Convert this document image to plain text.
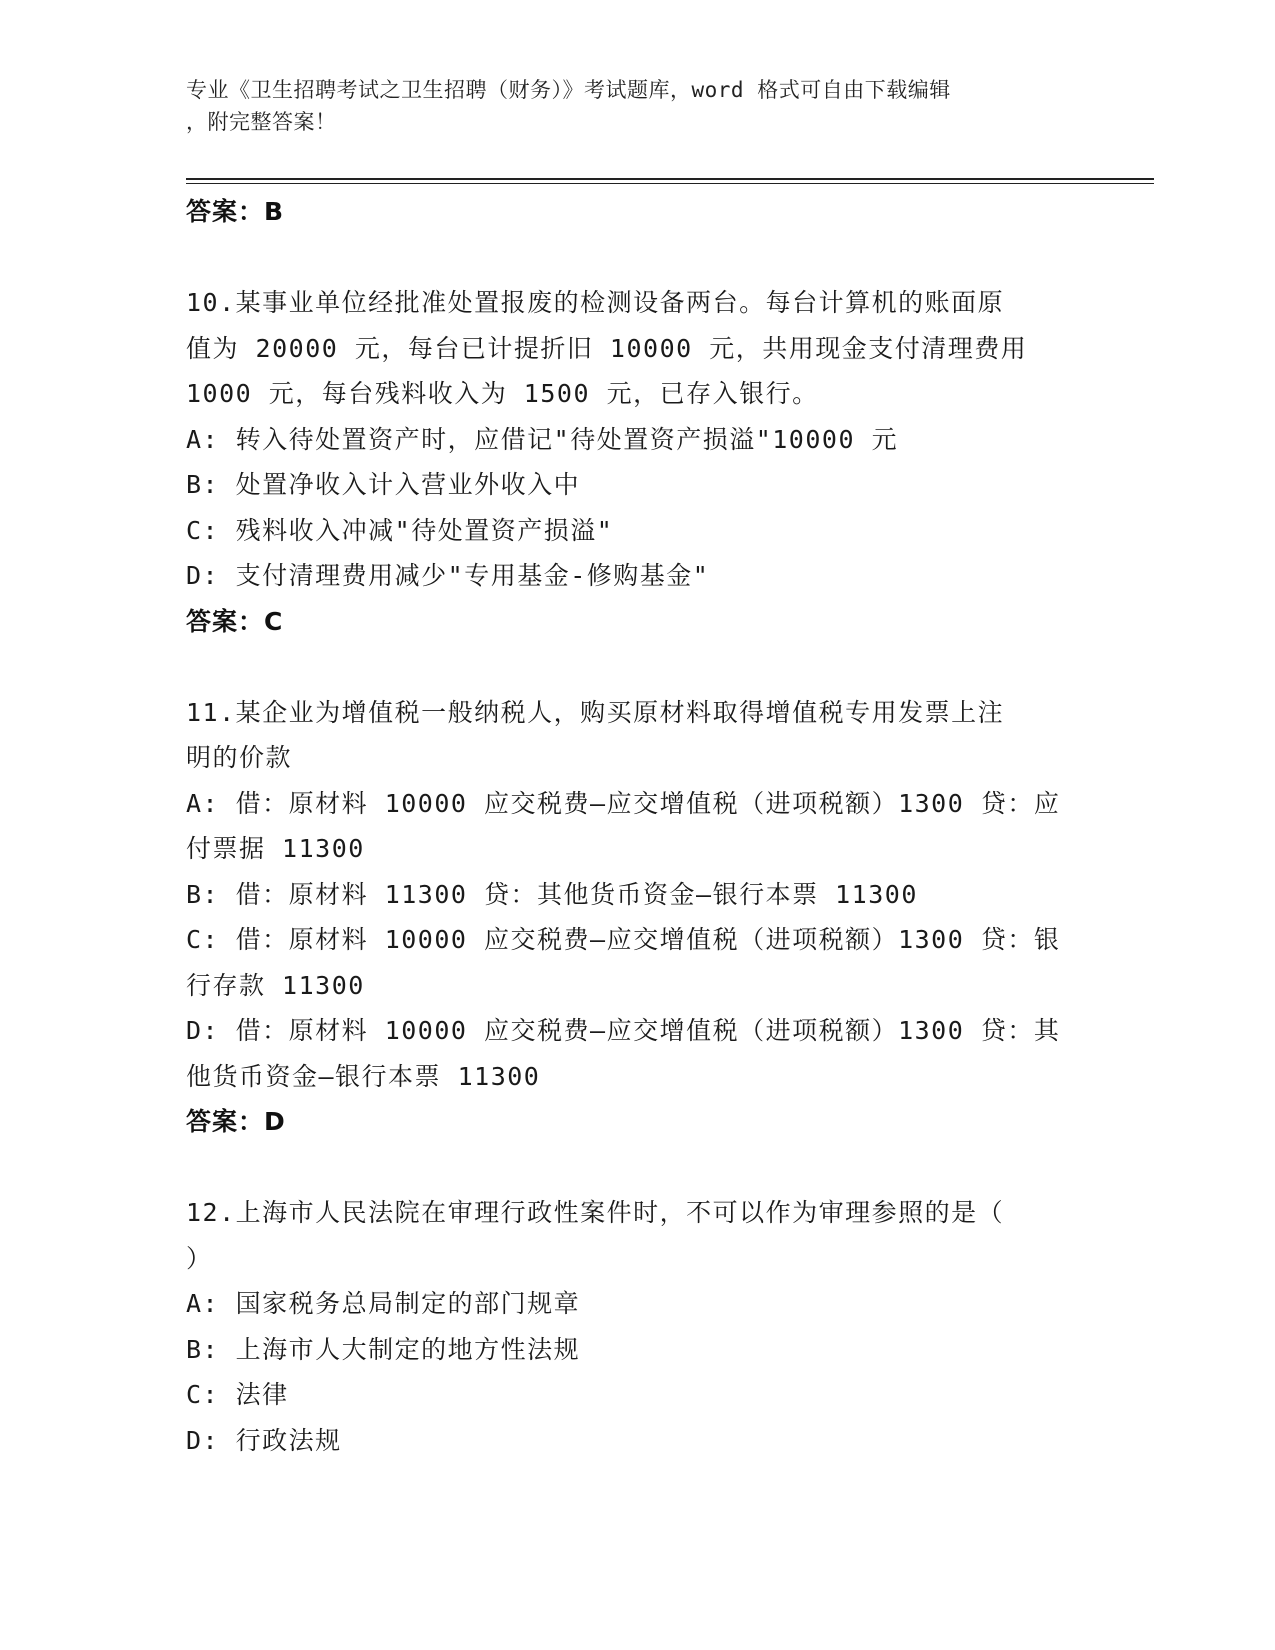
专业《卫生招聘考试之卫生招聘（财务）》考试题库，word 格式可自由下载编辑
，附完整答案！
答案：B
10.某事业单位经批准处置报废的检测设备两台。每台计算机的账面原
值为 20000 元，每台已计提折旧 10000 元，共用现金支付清理费用
1000 元，每台残料收入为 1500 元，已存入银行。
A: 转入待处置资产时，应借记"待处置资产损溢"10000 元
B: 处置净收入计入营业外收入中
C: 残料收入冲减"待处置资产损溢"
D: 支付清理费用减少"专用基金-修购基金"
答案：C
11.某企业为增值税一般纳税人，购买原材料取得增值税专用发票上注
明的价款
A: 借：原材料 10000 应交税费—应交增值税（进项税额）1300 贷：应
付票据 11300
B: 借：原材料 11300 贷：其他货币资金—银行本票 11300
C: 借：原材料 10000 应交税费—应交增值税（进项税额）1300 贷：银
行存款 11300
D: 借：原材料 10000 应交税费—应交增值税（进项税额）1300 贷：其
他货币资金—银行本票 11300
答案：D
12.上海市人民法院在审理行政性案件时，不可以作为审理参照的是（
）
A: 国家税务总局制定的部门规章
B: 上海市人大制定的地方性法规
C: 法律
D: 行政法规
